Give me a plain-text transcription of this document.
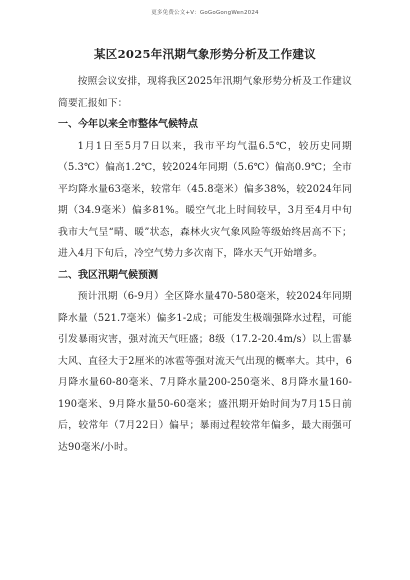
更多免费公文+V：GoGoGongWen2024
某区2025年汛期气象形势分析及工作建议

按照会议安排，现将我区2025年汛期气象形势分析及工作建议简要汇报如下：

一、今年以来全市整体气候特点

1月1日至5月7日以来，我市平均气温6.5℃，较历史同期（5.3℃）偏高1.2℃，较2024年同期（5.6℃）偏高0.9℃；全市平均降水量63毫米，较常年（45.8毫米）偏多38%，较2024年同期（34.9毫米）偏多81%。暖空气北上时间较早，3月至4月中旬我市大气呈“晴、暖”状态，森林火灾气象风险等级始终居高不下；进入4月下旬后，冷空气势力多次南下，降水天气开始增多。

二、我区汛期气候预测

预计汛期（6-9月）全区降水量470-580毫米，较2024年同期降水量（521.7毫米）偏多1-2成；可能发生极端强降水过程，可能引发暴雨灾害，强对流天气旺盛；8级（17.2-20.4m/s）以上雷暴大风、直径大于2厘米的冰雹等强对流天气出现的概率大。其中，6月降水量60-80毫米、7月降水量200-250毫米、8月降水量160-190毫米、9月降水量50-60毫米；盛汛期开始时间为7月15日前后，较常年（7月22日）偏早；暴雨过程较常年偏多，最大雨强可达90毫米/小时。
